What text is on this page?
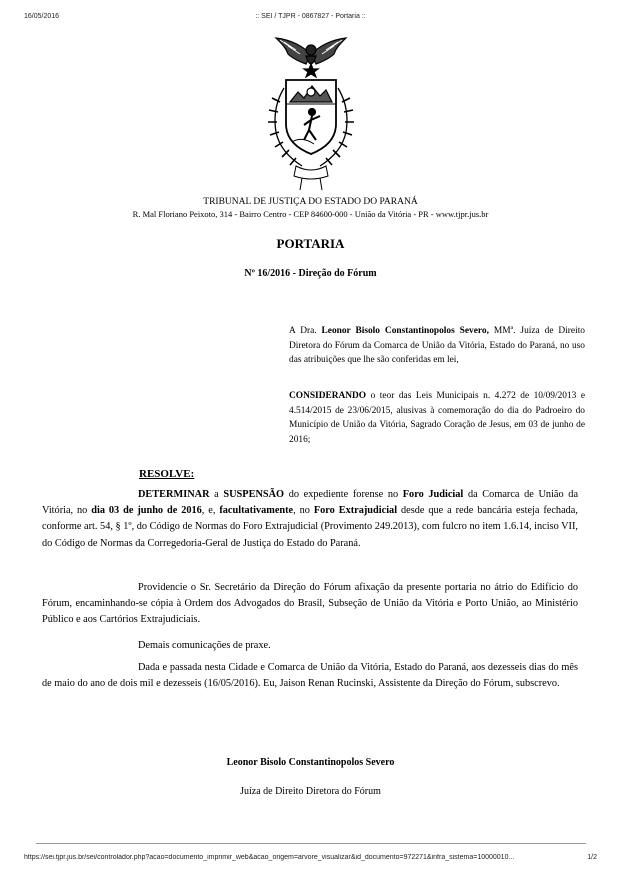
16/05/2016	:: SEI / TJPR - 0867827 - Portaria ::
TRIBUNAL DE JUSTIÇA DO ESTADO DO PARANÁ
R. Mal Floriano Peixoto, 314 - Bairro Centro - CEP 84600-000 - União da Vitória - PR - www.tjpr.jus.br
PORTARIA
Nº 16/2016 - Direção do Fórum
A Dra. Leonor Bisolo Constantinopolos Severo, MMª. Juíza de Direito Diretora do Fórum da Comarca de União da Vitória, Estado do Paraná, no uso das atribuições que lhe são conferidas em lei,
CONSIDERANDO o teor das Leis Municipais n. 4.272 de 10/09/2013 e 4.514/2015 de 23/06/2015, alusivas à comemoração do dia do Padroeiro do Município de União da Vitória, Sagrado Coração de Jesus, em 03 de junho de 2016;
RESOLVE:
DETERMINAR a SUSPENSÃO do expediente forense no Foro Judicial da Comarca de União da Vitória, no dia 03 de junho de 2016, e, facultativamente, no Foro Extrajudicial desde que a rede bancária esteja fechada, conforme art. 54, § 1º, do Código de Normas do Foro Extrajudicial (Provimento 249.2013), com fulcro no item 1.6.14, inciso VII, do Código de Normas da Corregedoria-Geral de Justiça do Estado do Paraná.
Providencie o Sr. Secretário da Direção do Fórum afixação da presente portaria no átrio do Edifício do Fórum, encaminhando-se cópia à Ordem dos Advogados do Brasil, Subseção de União da Vitória e Porto União, ao Ministério Público e aos Cartórios Extrajudiciais.
Demais comunicações de praxe.
Dada e passada nesta Cidade e Comarca de União da Vitória, Estado do Paraná, aos dezesseis dias do mês de maio do ano de dois mil e dezesseis (16/05/2016). Eu, Jaison Renan Rucinski, Assistente da Direção do Fórum, subscrevo.
Leonor Bisolo Constantinopolos Severo
Juíza de Direito Diretora do Fórum
https://sei.tjpr.jus.br/sei/controlador.php?acao=documento_imprimir_web&acao_origem=arvore_visualizar&id_documento=972271&infra_sistema=10000010...	1/2
